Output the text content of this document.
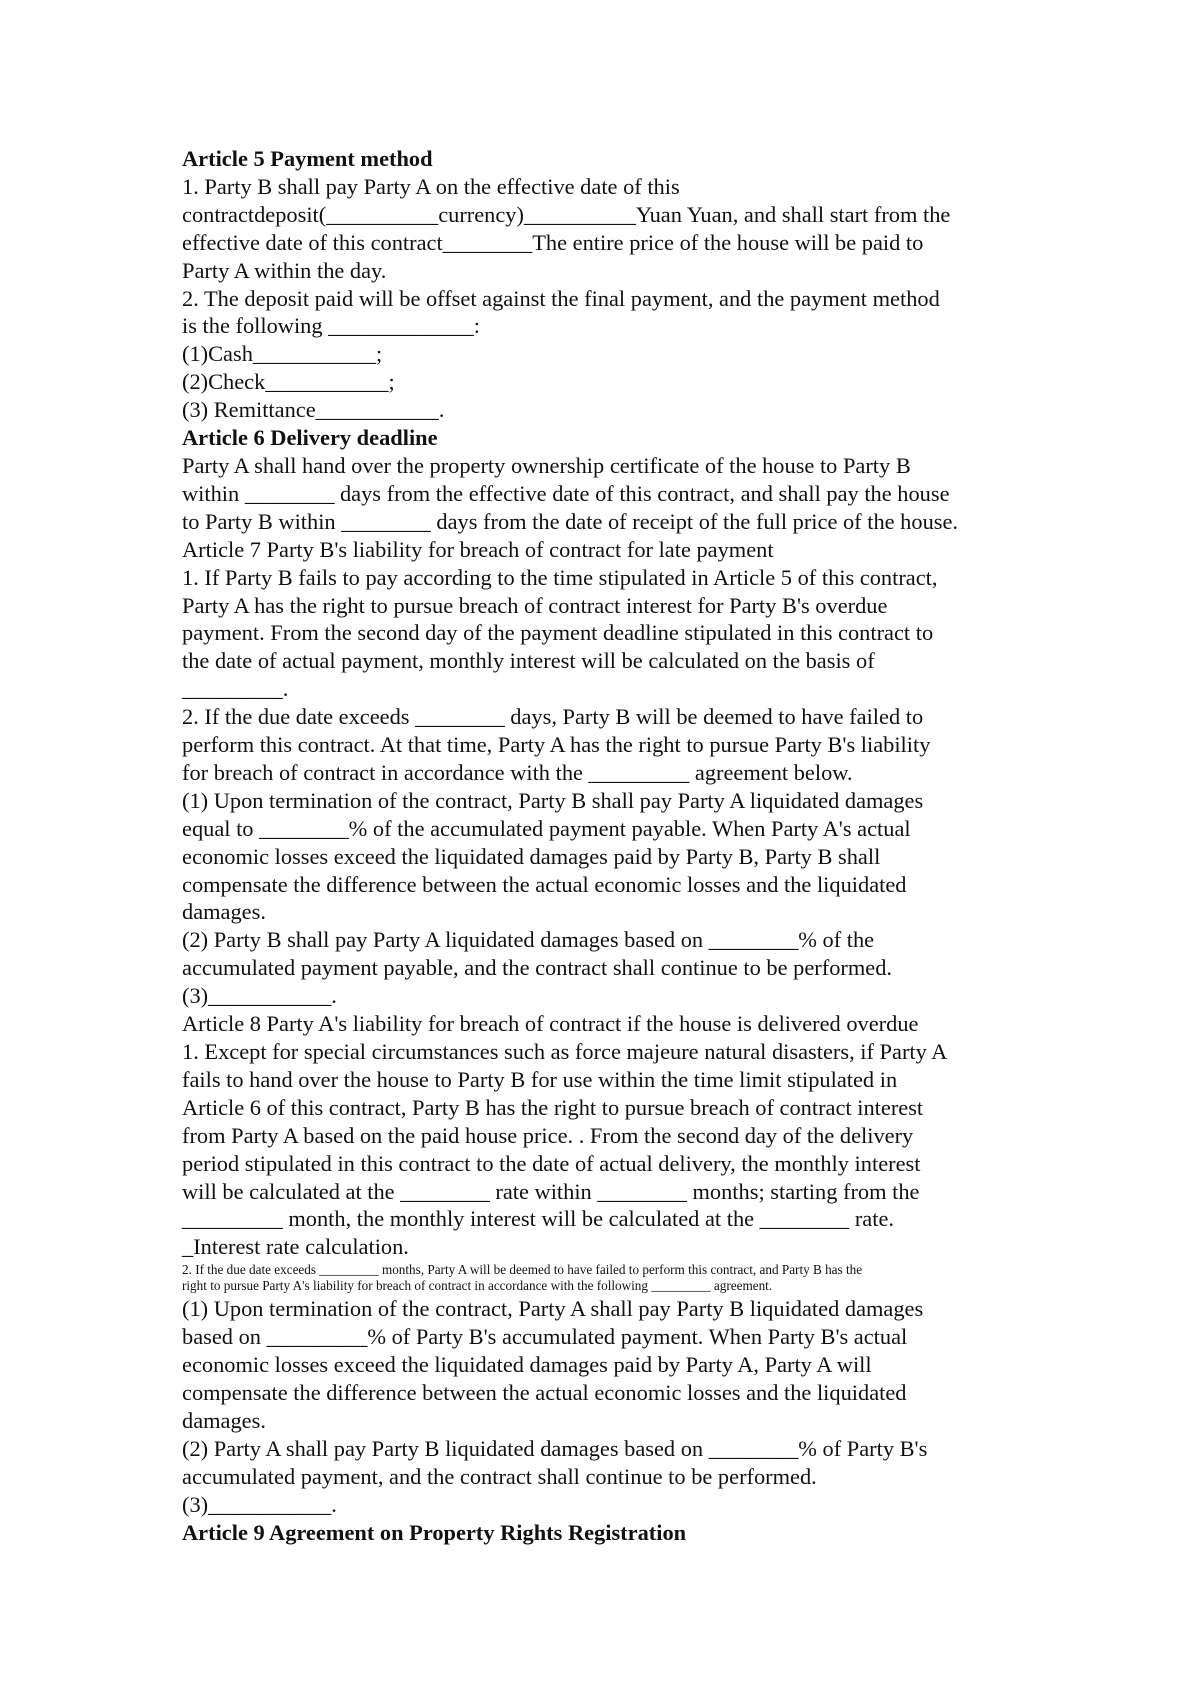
Article 5 Payment method
1. Party B shall pay Party A on the effective date of this
contractdeposit(__________currency)__________Yuan Yuan, and shall start from the
effective date of this contract________The entire price of the house will be paid to
Party A within the day.
2. The deposit paid will be offset against the final payment, and the payment method
is the following _____________:
(1)Cash___________;
(2)Check___________;
(3) Remittance___________.
Article 6 Delivery deadline
Party A shall hand over the property ownership certificate of the house to Party B
within ________ days from the effective date of this contract, and shall pay the house
to Party B within ________ days from the date of receipt of the full price of the house.
Article 7 Party B's liability for breach of contract for late payment
1. If Party B fails to pay according to the time stipulated in Article 5 of this contract,
Party A has the right to pursue breach of contract interest for Party B's overdue
payment. From the second day of the payment deadline stipulated in this contract to
the date of actual payment, monthly interest will be calculated on the basis of
_________.
2. If the due date exceeds ________ days, Party B will be deemed to have failed to
perform this contract. At that time, Party A has the right to pursue Party B's liability
for breach of contract in accordance with the _________ agreement below.
(1) Upon termination of the contract, Party B shall pay Party A liquidated damages
equal to ________% of the accumulated payment payable. When Party A's actual
economic losses exceed the liquidated damages paid by Party B, Party B shall
compensate the difference between the actual economic losses and the liquidated
damages.
(2) Party B shall pay Party A liquidated damages based on ________% of the
accumulated payment payable, and the contract shall continue to be performed.
(3)___________.
Article 8 Party A's liability for breach of contract if the house is delivered overdue
1. Except for special circumstances such as force majeure natural disasters, if Party A
fails to hand over the house to Party B for use within the time limit stipulated in
Article 6 of this contract, Party B has the right to pursue breach of contract interest
from Party A based on the paid house price. . From the second day of the delivery
period stipulated in this contract to the date of actual delivery, the monthly interest
will be calculated at the ________ rate within ________ months; starting from the
_________ month, the monthly interest will be calculated at the ________ rate.
_Interest rate calculation.
2. If the due date exceeds _________ months, Party A will be deemed to have failed to perform this contract, and Party B has the
right to pursue Party A's liability for breach of contract in accordance with the following _________ agreement.
(1) Upon termination of the contract, Party A shall pay Party B liquidated damages
based on _________% of Party B's accumulated payment. When Party B's actual
economic losses exceed the liquidated damages paid by Party A, Party A will
compensate the difference between the actual economic losses and the liquidated
damages.
(2) Party A shall pay Party B liquidated damages based on ________% of Party B's
accumulated payment, and the contract shall continue to be performed.
(3)___________.
Article 9 Agreement on Property Rights Registration
